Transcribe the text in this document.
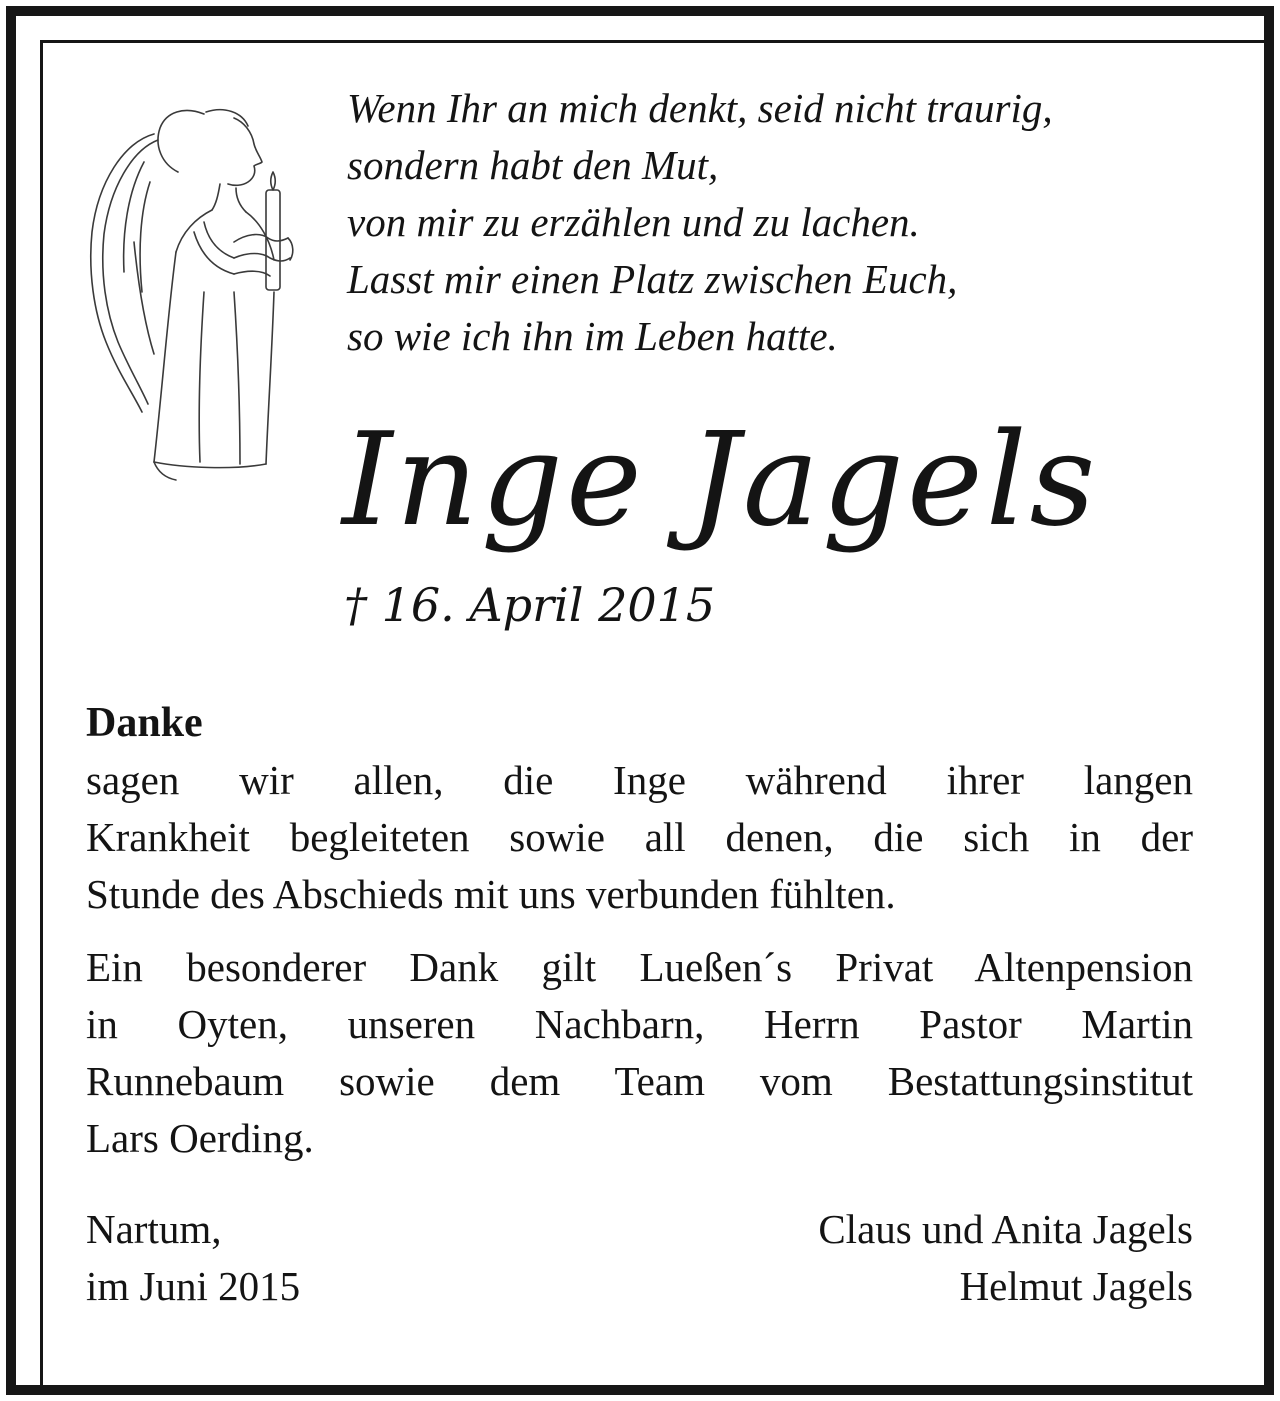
Wenn Ihr an mich denkt, seid nicht traurig,
sondern habt den Mut,
von mir zu erzählen und zu lachen.
Lasst mir einen Platz zwischen Euch,
so wie ich ihn im Leben hatte.
Inge Jagels
† 16. April 2015
Danke
sagen wir allen, die Inge während ihrer langen
Krankheit begleiteten sowie all denen, die sich in der
Stunde des Abschieds mit uns verbunden fühlten.
Ein besonderer Dank gilt Lueßen´s Privat Altenpension
in Oyten, unseren Nachbarn, Herrn Pastor Martin
Runnebaum sowie dem Team vom Bestattungsinstitut
Lars Oerding.
Nartum,
im Juni 2015
Claus und Anita Jagels
Helmut Jagels
